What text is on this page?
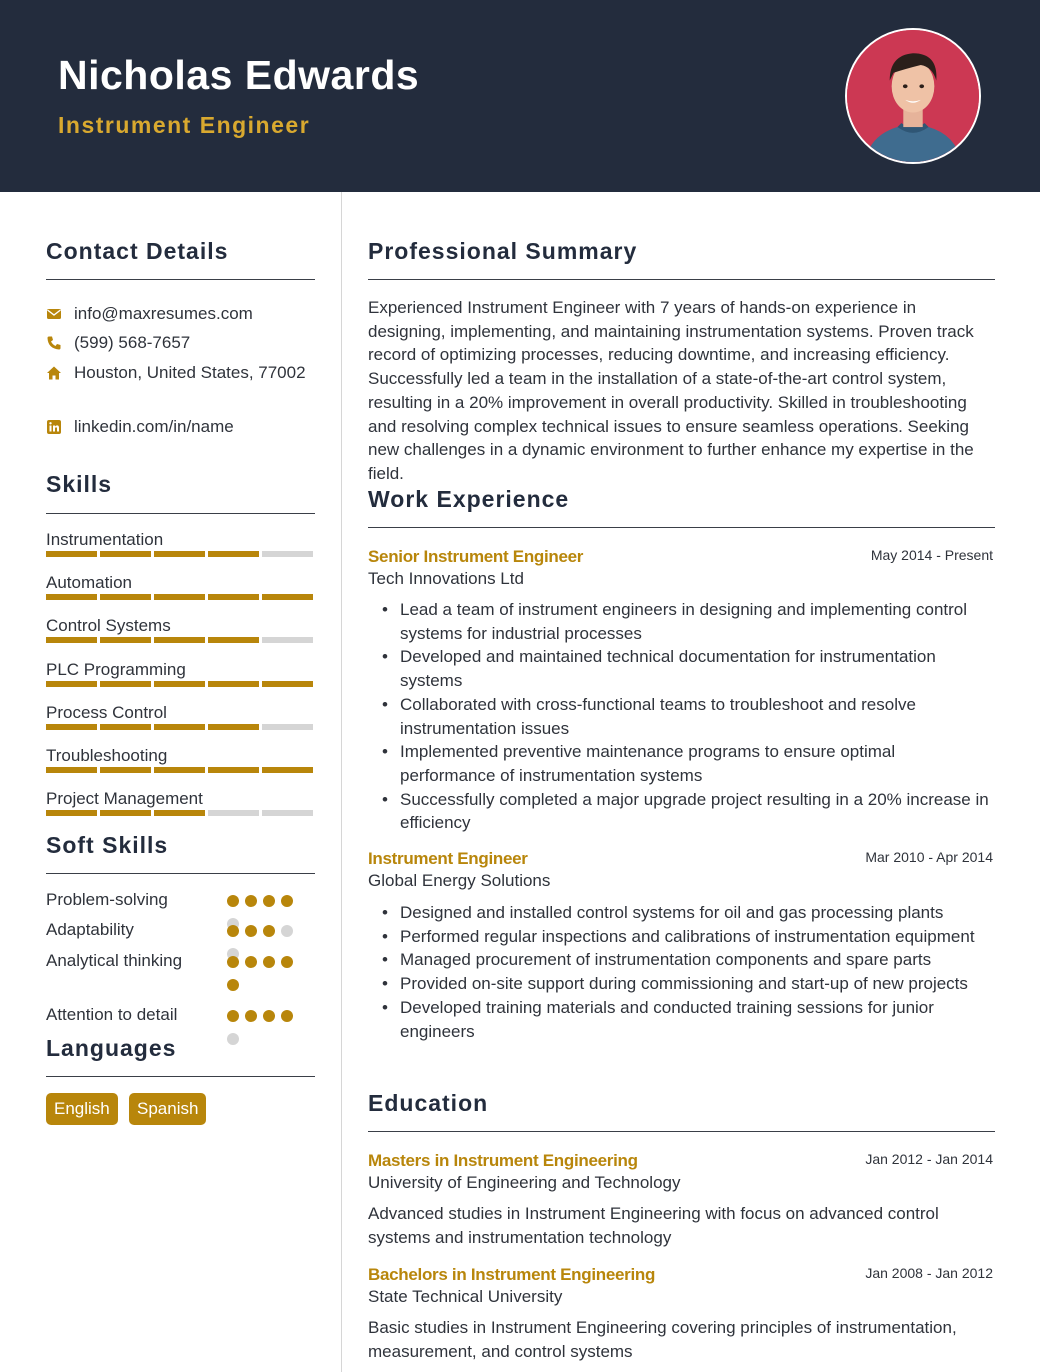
Nicholas Edwards
Instrument Engineer
Contact Details
info@maxresumes.com
(599) 568-7657
Houston, United States, 77002
linkedin.com/in/name
Skills
Instrumentation
Automation
Control Systems
PLC Programming
Process Control
Troubleshooting
Project Management
Soft Skills
Problem-solving
Adaptability
Analytical thinking
Attention to detail
Languages
English	Spanish
Professional Summary
Experienced Instrument Engineer with 7 years of hands-on experience in designing, implementing, and maintaining instrumentation systems. Proven track record of optimizing processes, reducing downtime, and increasing efficiency. Successfully led a team in the installation of a state-of-the-art control system, resulting in a 20% improvement in overall productivity. Skilled in troubleshooting and resolving complex technical issues to ensure seamless operations. Seeking new challenges in a dynamic environment to further enhance my expertise in the field.
Work Experience
Senior Instrument Engineer	May 2014 - Present
Tech Innovations Ltd
• Lead a team of instrument engineers in designing and implementing control systems for industrial processes
• Developed and maintained technical documentation for instrumentation systems
• Collaborated with cross-functional teams to troubleshoot and resolve instrumentation issues
• Implemented preventive maintenance programs to ensure optimal performance of instrumentation systems
• Successfully completed a major upgrade project resulting in a 20% increase in efficiency
Instrument Engineer	Mar 2010 - Apr 2014
Global Energy Solutions
• Designed and installed control systems for oil and gas processing plants
• Performed regular inspections and calibrations of instrumentation equipment
• Managed procurement of instrumentation components and spare parts
• Provided on-site support during commissioning and start-up of new projects
• Developed training materials and conducted training sessions for junior engineers
Education
Masters in Instrument Engineering	Jan 2012 - Jan 2014
University of Engineering and Technology
Advanced studies in Instrument Engineering with focus on advanced control systems and instrumentation technology
Bachelors in Instrument Engineering	Jan 2008 - Jan 2012
State Technical University
Basic studies in Instrument Engineering covering principles of instrumentation, measurement, and control systems
